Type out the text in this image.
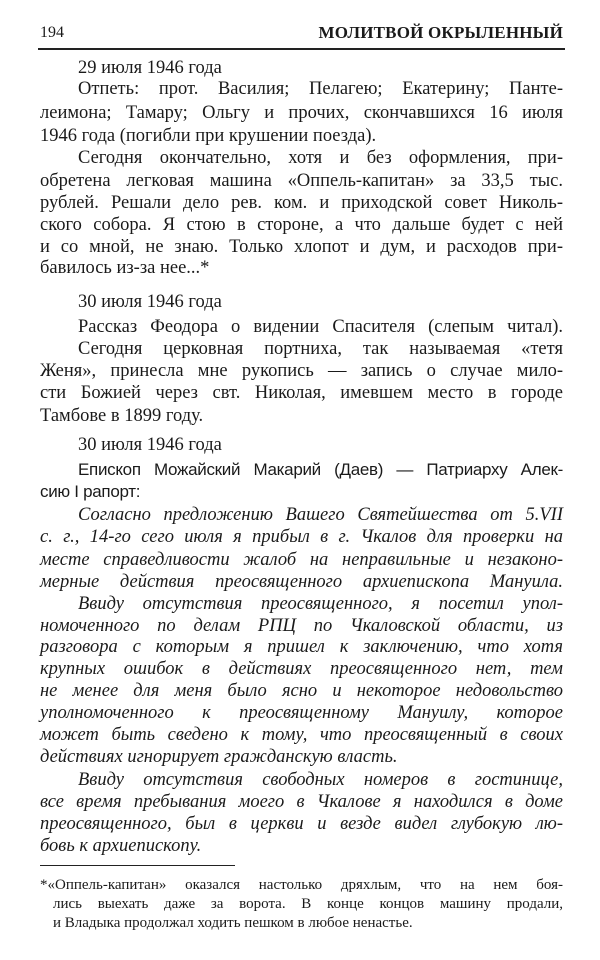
194	МОЛИТВОЙ ОКРЫЛЕННЫЙ
29 июля 1946 года
Отпеть: прот. Василия; Пелагею; Екатерину; Панте-
леимона; Тамару; Ольгу и прочих, скончавшихся 16 июля
1946 года (погибли при крушении поезда).
Сегодня окончательно, хотя и без оформления, при-
обретена легковая машина «Оппель-капитан» за 33,5 тыс.
рублей. Решали дело рев. ком. и приходской совет Николь-
ского собора. Я стою в стороне, а что дальше будет с ней
и со мной, не знаю. Только хлопот и дум, и расходов при-
бавилось из-за нее...*
30 июля 1946 года
Рассказ Феодора о видении Спасителя (слепым читал).
Сегодня церковная портниха, так называемая «тетя
Женя», принесла мне рукопись — запись о случае мило-
сти Божией через свт. Николая, имевшем место в городе
Тамбове в 1899 году.
30 июля 1946 года
Епископ Можайский Макарий (Даев) — Патриарху Алек-
сию I рапорт:
Согласно предложению Вашего Святейшества от 5.VII
с. г., 14-го сего июля я прибыл в г. Чкалов для проверки на
месте справедливости жалоб на неправильные и незаконо-
мерные действия преосвященного архиепископа Мануила.
Ввиду отсутствия преосвященного, я посетил упол-
номоченного по делам РПЦ по Чкаловской области, из
разговора с которым я пришел к заключению, что хотя
крупных ошибок в действиях преосвященного нет, тем
не менее для меня было ясно и некоторое недовольство
уполномоченного к преосвященному Мануилу, которое
может быть сведено к тому, что преосвященный в своих
действиях игнорирует гражданскую власть.
Ввиду отсутствия свободных номеров в гостинице,
все время пребывания моего в Чкалове я находился в доме
преосвященного, был в церкви и везде видел глубокую лю-
бовь к архиепископу.
*«Оппель-капитан» оказался настолько дряхлым, что на нем боя-
лись выехать даже за ворота. В конце концов машину продали,
и Владыка продолжал ходить пешком в любое ненастье.
